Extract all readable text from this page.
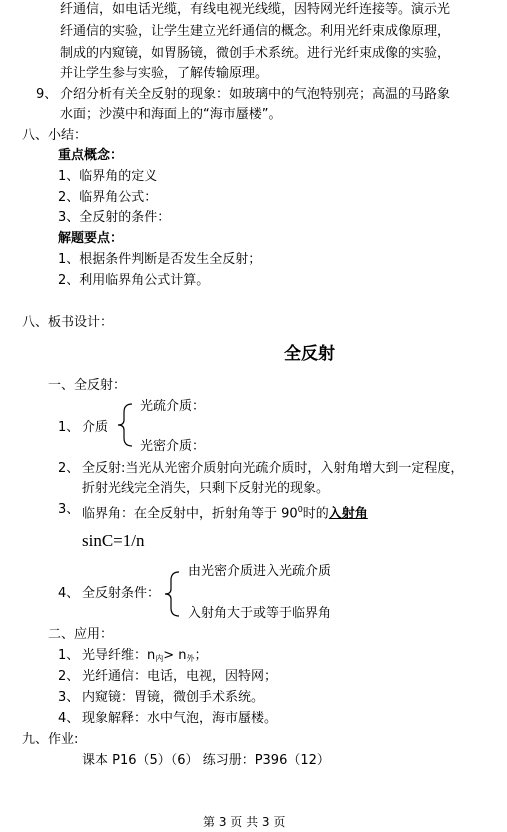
纤通信，如电话光缆，有线电视光线缆，因特网光纤连接等。演示光
纤通信的实验，让学生建立光纤通信的概念。利用光纤束成像原理，
制成的内窥镜，如胃肠镜，微创手术系统。进行光纤束成像的实验，
并让学生参与实验，了解传输原理。
9、 介绍分析有关全反射的现象：如玻璃中的气泡特别亮；高温的马路象
水面；沙漠中和海面上的“海市蜃楼”。
八、小结：
重点概念：
1、临界角的定义
2、临界角公式：
3、全反射的条件：
解题要点：
1、根据条件判断是否发生全反射；
2、利用临界角公式计算。
八、板书设计：
全反射
一、全反射：
1、 介质
光疏介质：
光密介质：
2、 全反射:当光从光密介质射向光疏介质时，入射角增大到一定程度，
折射光线完全消失，只剩下反射光的现象。
3、 临界角：在全反射中，折射角等于 $90^0$时的入射角
sinC=1/n
4、 全反射条件：
由光密介质进入光疏介质
入射角大于或等于临界角
二、应用：
1、 光导纤维：$n_内> n_外$；
2、 光纤通信：电话，电视，因特网；
3、 内窥镜：胃镜，微创手术系统。
4、 现象解释：水中气泡，海市蜃楼。
九、作业:
课本 P16（5）（6） 练习册：P396（12）
第 3 页 共 3 页
